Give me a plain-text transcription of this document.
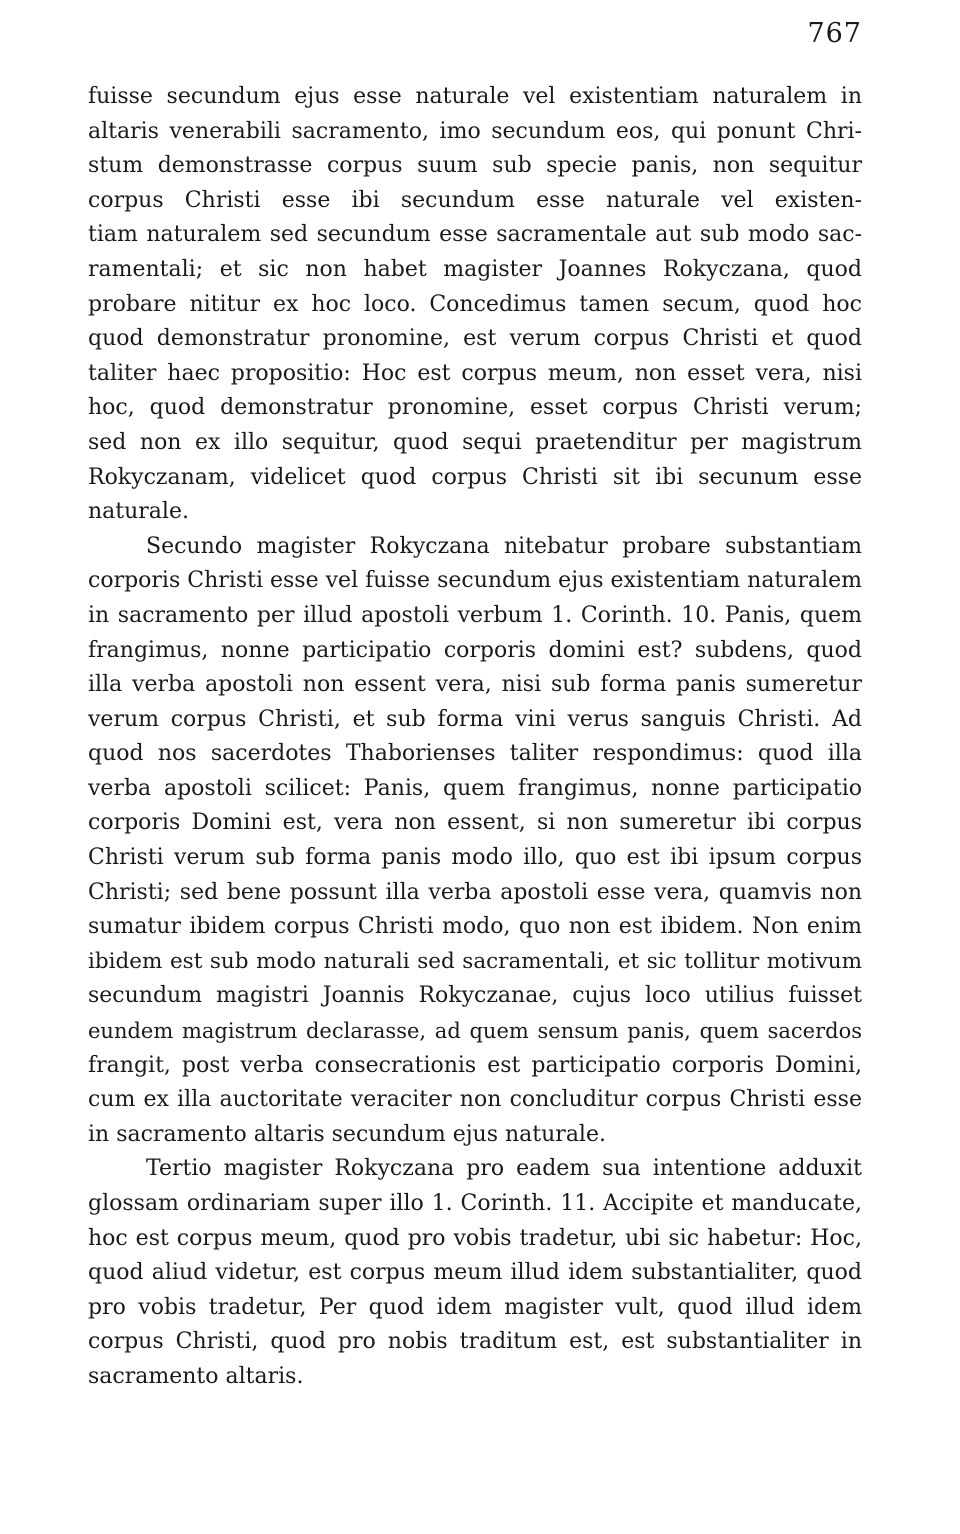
767
fuisse secundum ejus esse naturale vel existentiam naturalem in
altaris venerabili sacramento, imo secundum eos, qui ponunt Chri-
stum demonstrasse corpus suum sub specie panis, non sequitur
corpus Christi esse ibi secundum esse naturale vel existen-
tiam naturalem sed secundum esse sacramentale aut sub modo sac-
ramentali; et sic non habet magister Joannes Rokyczana, quod
probare nititur ex hoc loco. Concedimus tamen secum, quod hoc
quod demonstratur pronomine, est verum corpus Christi et quod
taliter haec propositio: Hoc est corpus meum, non esset vera, nisi
hoc, quod demonstratur pronomine, esset corpus Christi verum;
sed non ex illo sequitur, quod sequi praetenditur per magistrum
Rokyczanam, videlicet quod corpus Christi sit ibi secunum esse
naturale.
Secundo magister Rokyczana nitebatur probare substantiam
corporis Christi esse vel fuisse secundum ejus existentiam naturalem
in sacramento per illud apostoli verbum 1. Corinth. 10. Panis, quem
frangimus, nonne participatio corporis domini est? subdens, quod
illa verba apostoli non essent vera, nisi sub forma panis sumeretur
verum corpus Christi, et sub forma vini verus sanguis Christi. Ad
quod nos sacerdotes Thaborienses taliter respondimus: quod illa
verba apostoli scilicet: Panis, quem frangimus, nonne participatio
corporis Domini est, vera non essent, si non sumeretur ibi corpus
Christi verum sub forma panis modo illo, quo est ibi ipsum corpus
Christi; sed bene possunt illa verba apostoli esse vera, quamvis non
sumatur ibidem corpus Christi modo, quo non est ibidem. Non enim
ibidem est sub modo naturali sed sacramentali, et sic tollitur motivum
secundum magistri Joannis Rokyczanae, cujus loco utilius fuisset
eundem magistrum declarasse, ad quem sensum panis, quem sacerdos
frangit, post verba consecrationis est participatio corporis Domini,
cum ex illa auctoritate veraciter non concluditur corpus Christi esse
in sacramento altaris secundum ejus naturale.
Tertio magister Rokyczana pro eadem sua intentione adduxit
glossam ordinariam super illo 1. Corinth. 11. Accipite et manducate,
hoc est corpus meum, quod pro vobis tradetur, ubi sic habetur: Hoc,
quod aliud videtur, est corpus meum illud idem substantialiter, quod
pro vobis tradetur, Per quod idem magister vult, quod illud idem
corpus Christi, quod pro nobis traditum est, est substantialiter in
sacramento altaris.
